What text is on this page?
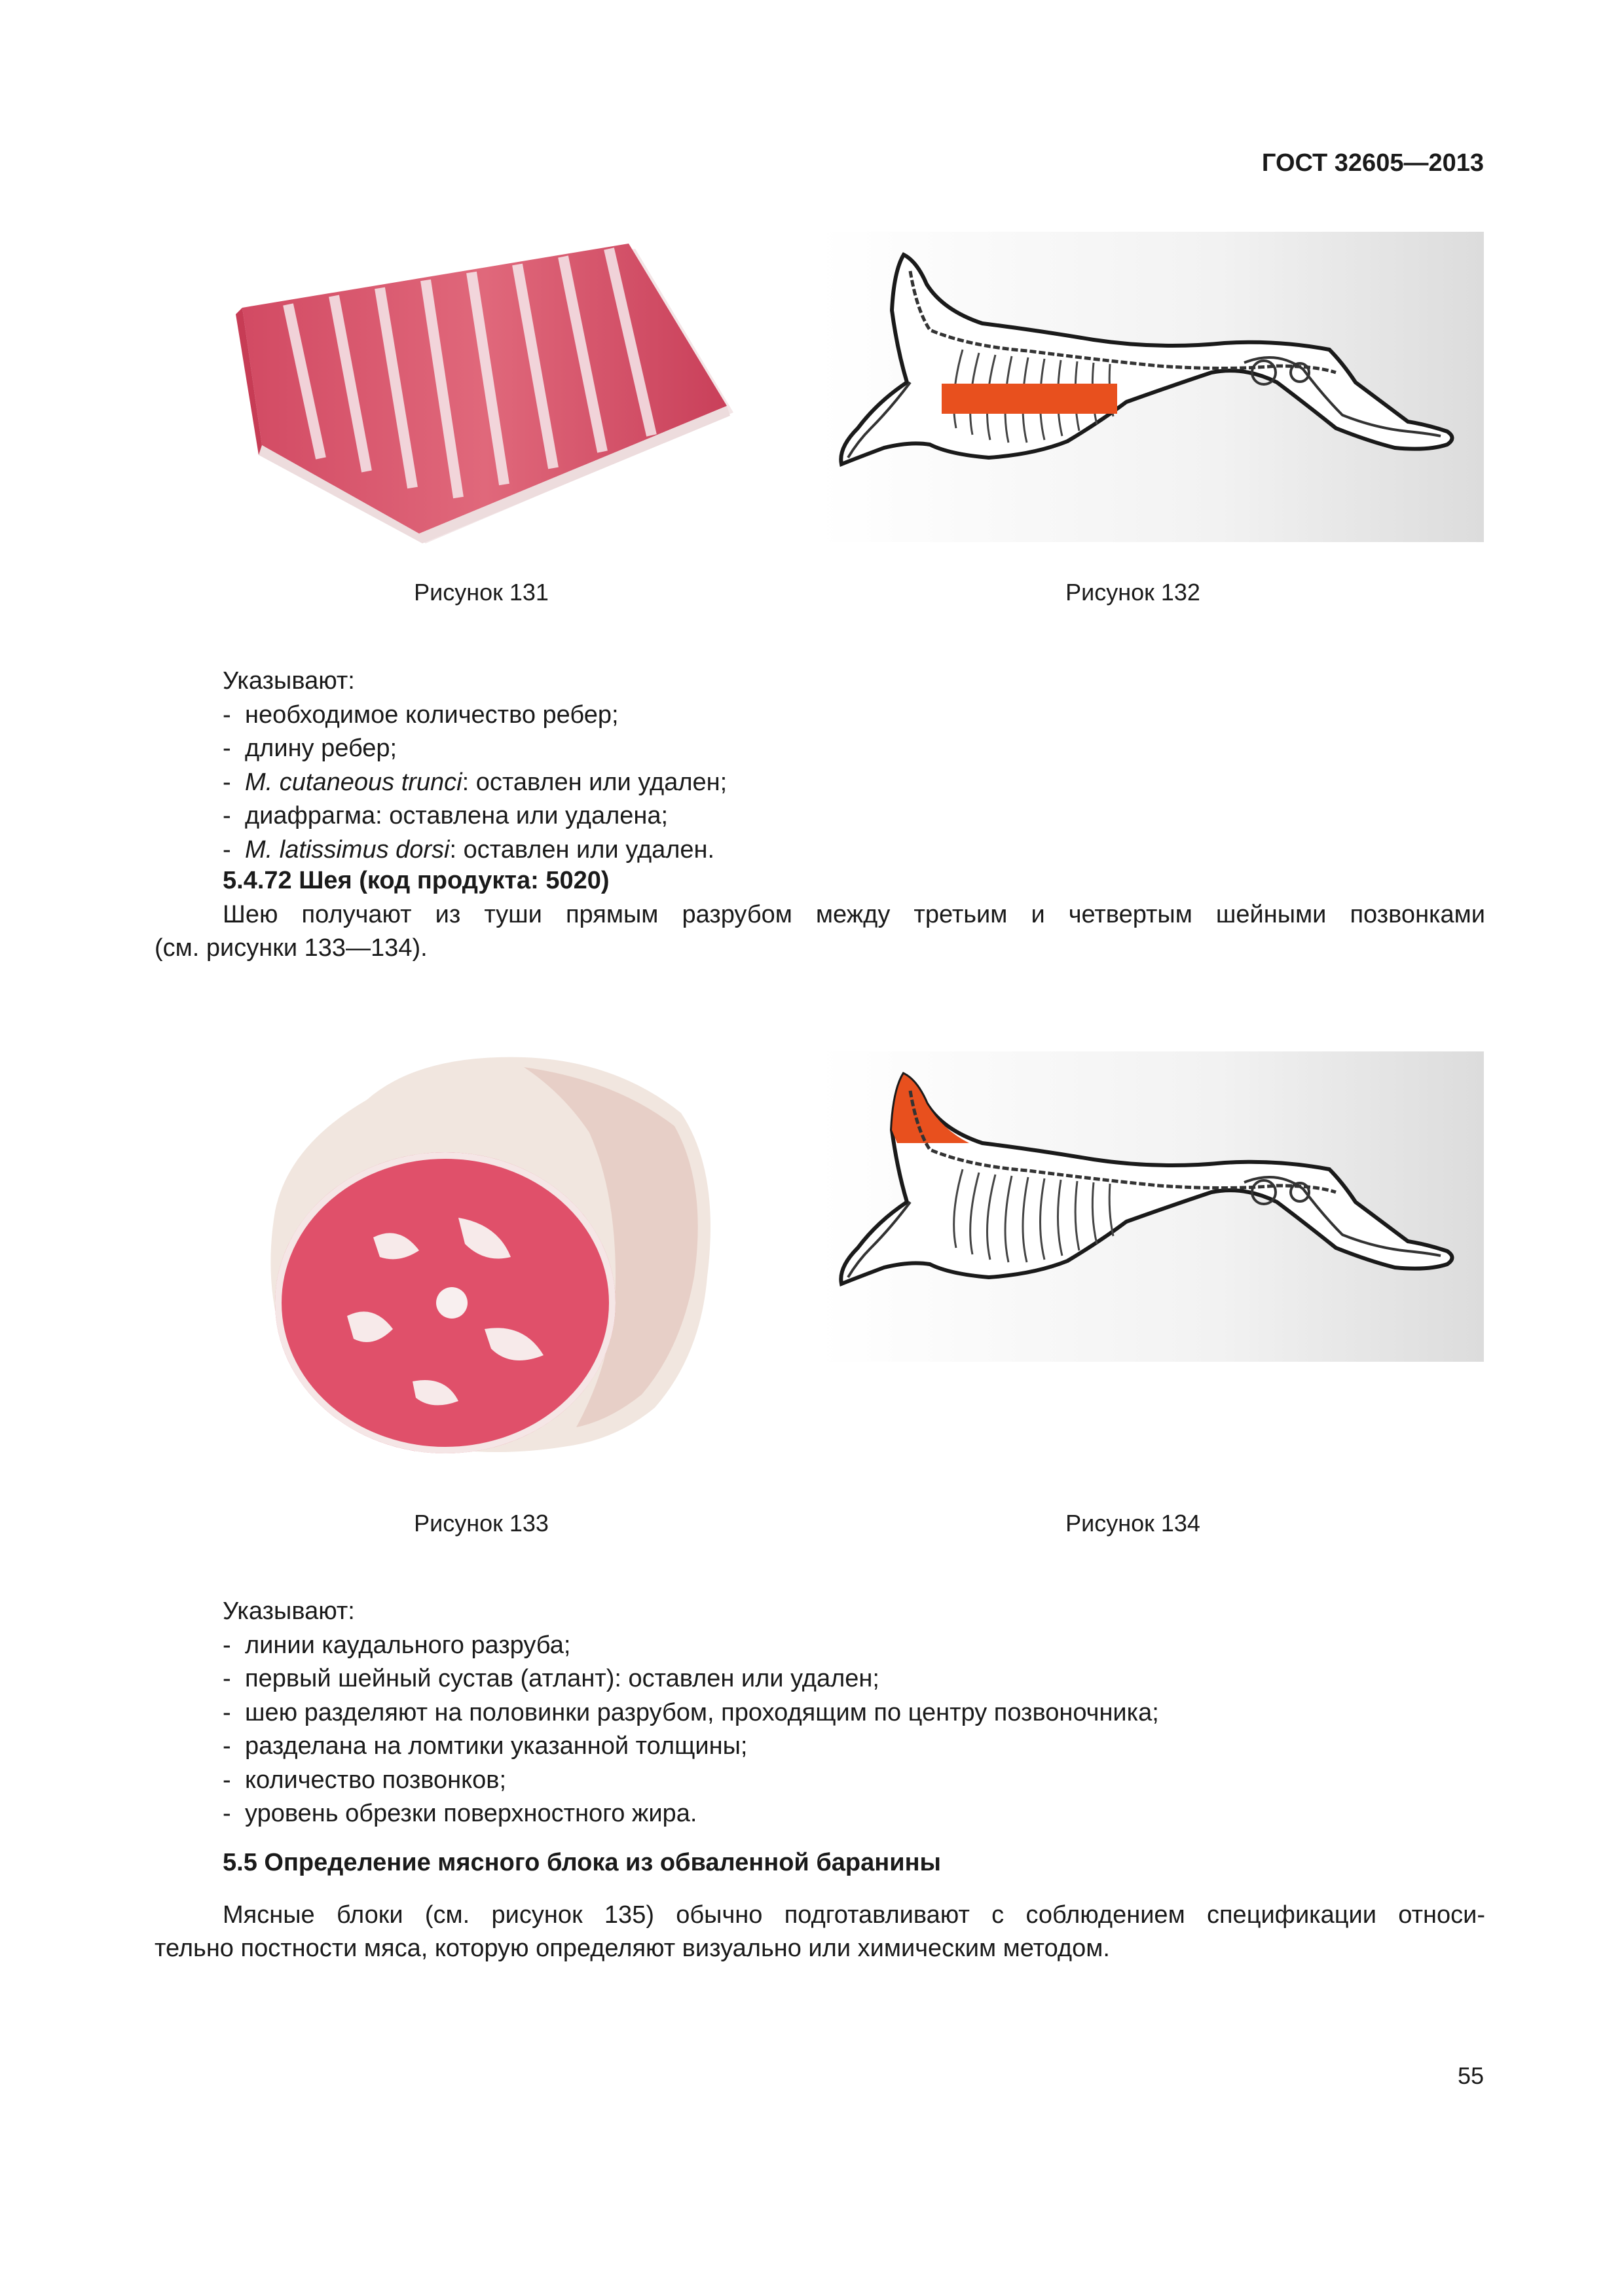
ГОСТ 32605—2013
Рисунок 131	Рисунок 132
Указывают:
- необходимое количество ребер;
- длину ребер;
- M. cutaneous trunci: оставлен или удален;
- диафрагма: оставлена или удалена;
- M. latissimus dorsi: оставлен или удален.
5.4.72 Шея (код продукта: 5020)
Шею получают из туши прямым разрубом между третьим и четвертым шейными позвонками
(см. рисунки 133—134).
Рисунок 133	Рисунок 134
Указывают:
- линии каудального разруба;
- первый шейный сустав (атлант): оставлен или удален;
- шею разделяют на половинки разрубом, проходящим по центру позвоночника;
- разделана на ломтики указанной толщины;
- количество позвонков;
- уровень обрезки поверхностного жира.
5.5 Определение мясного блока из обваленной баранины
Мясные блоки (см. рисунок 135) обычно подготавливают с соблюдением спецификации относи-
тельно постности мяса, которую определяют визуально или химическим методом.
55
